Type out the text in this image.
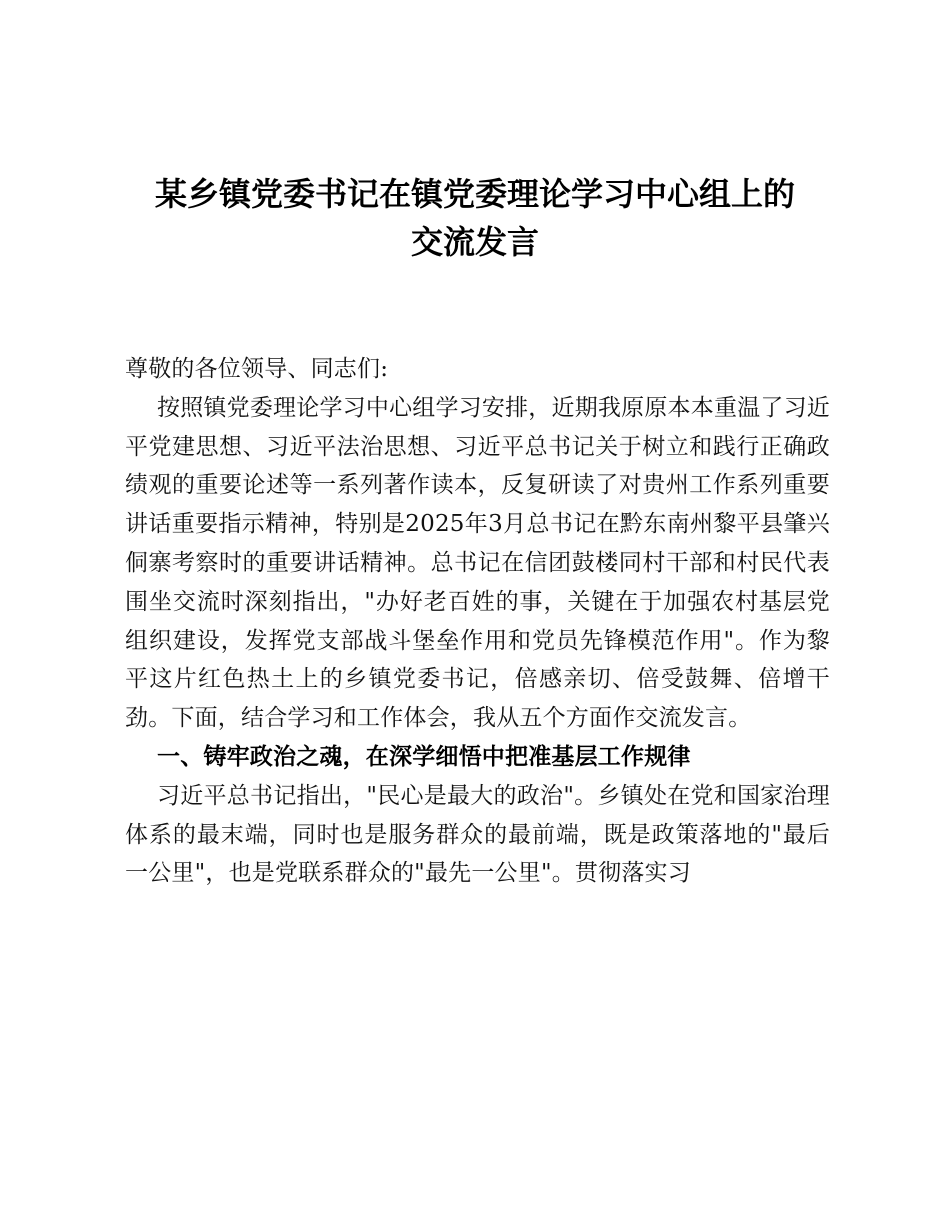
某乡镇党委书记在镇党委理论学习中心组上的
交流发言

尊敬的各位领导、同志们:

按照镇党委理论学习中心组学习安排，近期我原原本本重温了习近平党建思想、习近平法治思想、习近平总书记关于树立和践行正确政绩观的重要论述等一系列著作读本，反复研读了对贵州工作系列重要讲话重要指示精神，特别是2025年3月总书记在黔东南州黎平县肇兴侗寨考察时的重要讲话精神。总书记在信团鼓楼同村干部和村民代表围坐交流时深刻指出，"办好老百姓的事，关键在于加强农村基层党组织建设，发挥党支部战斗堡垒作用和党员先锋模范作用"。作为黎平这片红色热土上的乡镇党委书记，倍感亲切、倍受鼓舞、倍增干劲。下面，结合学习和工作体会，我从五个方面作交流发言。

一、铸牢政治之魂，在深学细悟中把准基层工作规律

习近平总书记指出，"民心是最大的政治"。乡镇处在党和国家治理体系的最末端，同时也是服务群众的最前端，既是政策落地的"最后一公里"，也是党联系群众的"最先一公里"。贯彻落实习
